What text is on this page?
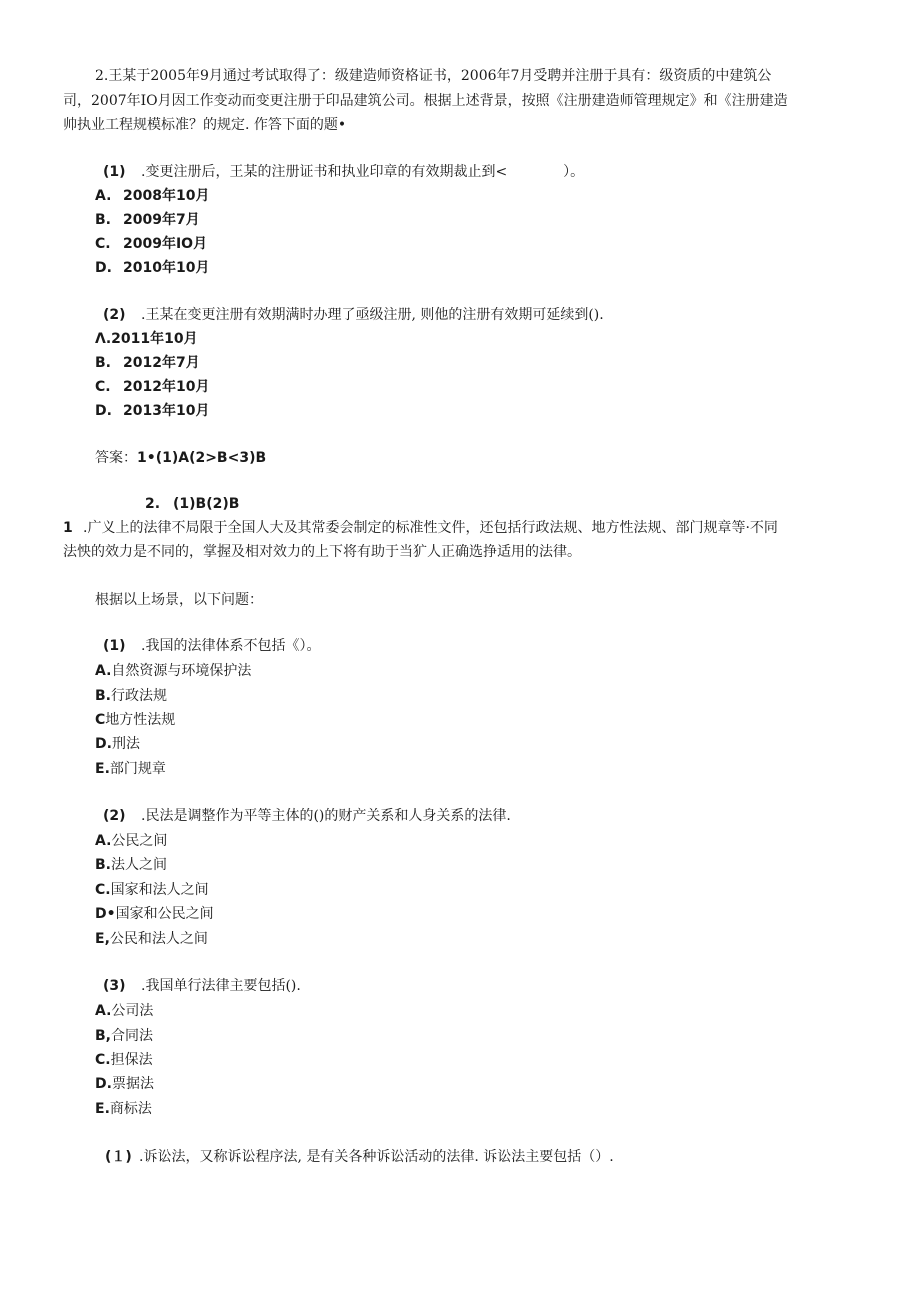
2.王某于2005年9月通过考试取得了：级建造师资格证书，2006年7月受聘并注册于具有：级资质的中建筑公
司，2007年IO月因工作变动而变更注册于印品建筑公司。根据上述背景，按照《注册建造师管理规定》和《注册建造
帅执业工程规模标准？的规定. 作答下面的题•
(1) .变更注册后，王某的注册证书和执业印章的有效期裁止到<　　　　）。
A. 2008年10月
B. 2009年7月
C. 2009年IO月
D. 2010年10月
(2) .王某在变更注册有效期满时办理了亟级注册, 则他的注册有效期可延续到().
Λ.2011年10月
B. 2012年7月
C. 2012年10月
D. 2013年10月
答案：1•(1)A(2>B<3)B
2. (1)B(2)B
1 .广义上的法律不局限于全国人大及其常委会制定的标准性文件，还包括行政法规、地方性法规、部门规章等·不同
法怏的效力是不同的，掌握及相对效力的上下将有助于当犷人正确选挣适用的法律。
根据以上场景，以下问题：
(1) .我国的法律体系不包括《）。
A.自然资源与环境保护法
B.行政法规
C地方性法规
D.刑法
E.部门规章
(2) .民法是调整作为平等主体的()的财产关系和人身关系的法律.
A.公民之间
B.法人之间
C.国家和法人之间
D•国家和公民之间
E,公民和法人之间
(3) .我国单行法律主要包括().
A.公司法
B,合同法
C.担保法
D.票据法
E.商标法
(１) .诉讼法，又称诉讼程序法, 是有关各种诉讼活动的法律. 诉讼法主要包括（）.
